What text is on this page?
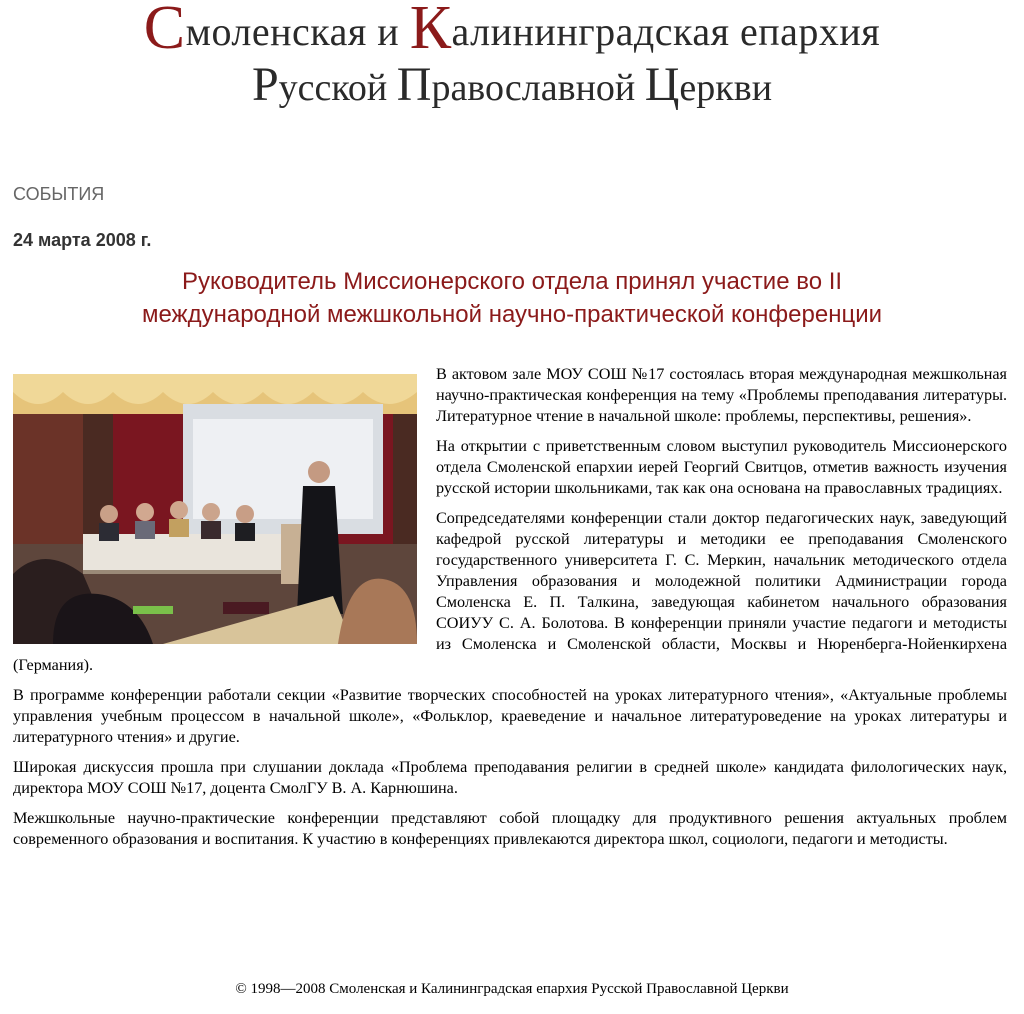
Смоленская и Калининградская епархия
Русской Православной Церкви
СОБЫТИЯ
24 марта 2008 г.
Руководитель Миссионерского отдела принял участие во II
международной межшкольной научно-практической конференции

В актовом зале МОУ СОШ №17 состоялась вторая международная межшкольная научно-практическая конференция на тему «Проблемы преподавания литературы. Литературное чтение в начальной школе: проблемы, перспективы, решения».

На открытии с приветственным словом выступил руководитель Миссионерского отдела Смоленской епархии иерей Георгий Свитцов, отметив важность изучения русской истории школьниками, так как она основана на православных традициях.

Сопредседателями конференции стали доктор педагогических наук, заведующий кафедрой русской литературы и методики ее преподавания Смоленского государственного университета Г. С. Меркин, начальник методического отдела Управления образования и молодежной политики Администрации города Смоленска Е. П. Талкина, заведующая кабинетом начального образования СОИУУ С. А. Болотова. В конференции приняли участие педагоги и методисты из Смоленска и Смоленской области, Москвы и Нюренберга-Нойенкирхена (Германия).

В программе конференции работали секции «Развитие творческих способностей на уроках литературного чтения», «Актуальные проблемы управления учебным процессом в начальной школе», «Фольклор, краеведение и начальное литературоведение на уроках литературы и литературного чтения» и другие.

Широкая дискуссия прошла при слушании доклада «Проблема преподавания религии в средней школе» кандидата филологических наук, директора МОУ СОШ №17, доцента СмолГУ В. А. Карнюшина.

Межшкольные научно-практические конференции представляют собой площадку для продуктивного решения актуальных проблем современного образования и воспитания. К участию в конференциях привлекаются директора школ, социологи, педагоги и методисты.

© 1998—2008 Смоленская и Калининградская епархия Русской Православной Церкви
